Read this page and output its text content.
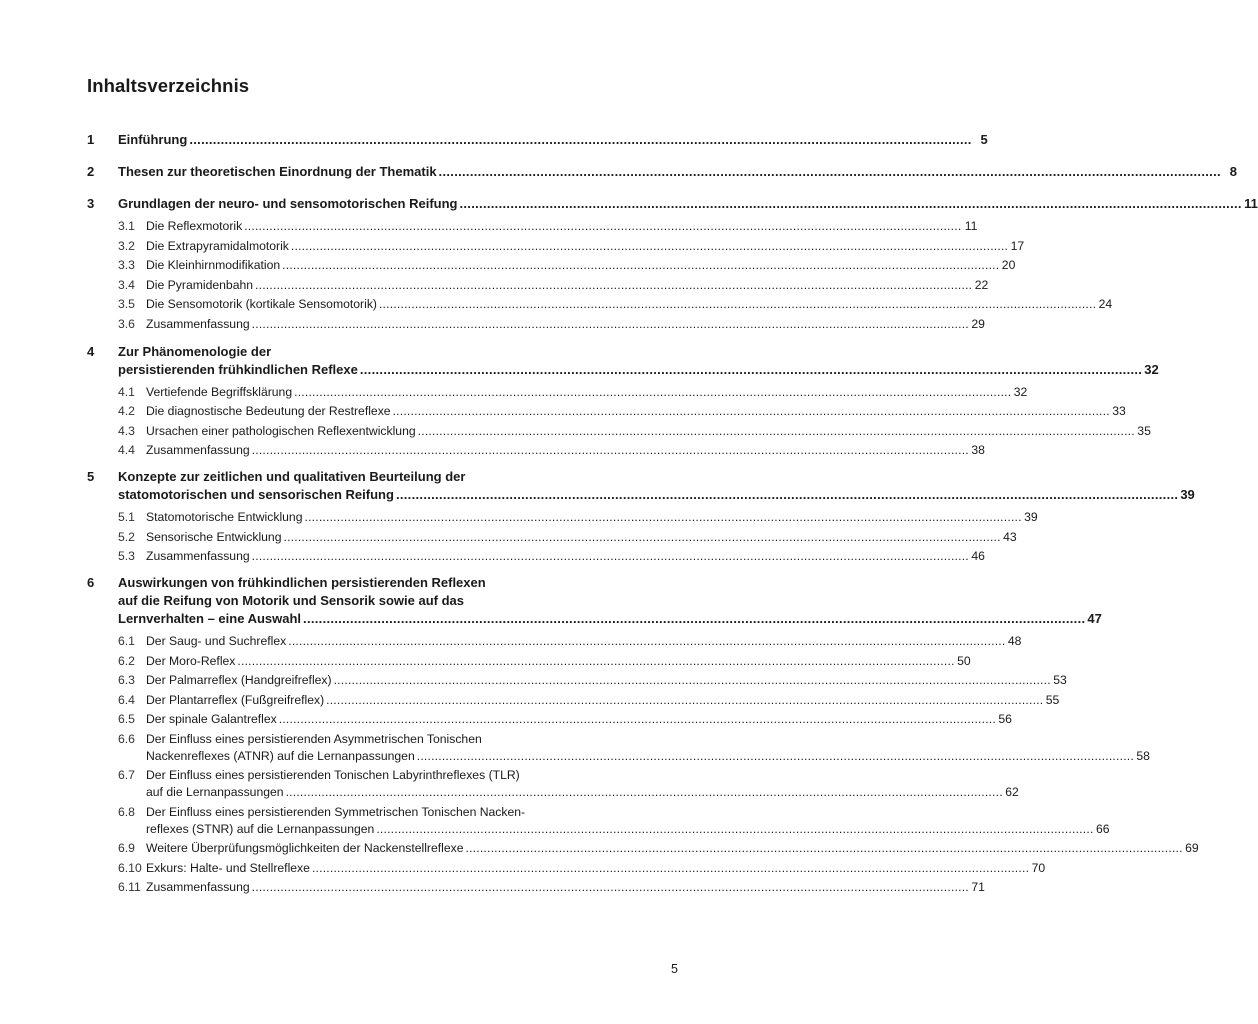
Inhaltsverzeichnis
1	Einführung .....	5
2	Thesen zur theoretischen Einordnung der Thematik .....	8
3	Grundlagen der neuro- und sensomotorischen Reifung .....	11
3.1 Die Reflexmotorik .....	11
3.2 Die Extrapyramidalmotorik .....	17
3.3 Die Kleinhirnmodifikation .....	20
3.4 Die Pyramidenbahn .....	22
3.5 Die Sensomotorik (kortikale Sensomotorik) .....	24
3.6 Zusammenfassung .....	29
4	Zur Phänomenologie der
persistierenden frühkindlichen Reflexe .....	32
4.1 Vertiefende Begriffsklärung .....	32
4.2 Die diagnostische Bedeutung der Restreflexe .....	33
4.3 Ursachen einer pathologischen Reflexentwicklung .....	35
4.4 Zusammenfassung .....	38
5	Konzepte zur zeitlichen und qualitativen Beurteilung der
statomotorischen und sensorischen Reifung .....	39
5.1 Statomotorische Entwicklung .....	39
5.2 Sensorische Entwicklung .....	43
5.3 Zusammenfassung .....	46
6	Auswirkungen von frühkindlichen persistierenden Reflexen
auf die Reifung von Motorik und Sensorik sowie auf das
Lernverhalten – eine Auswahl .....	47
6.1 Der Saug- und Suchreflex .....	48
6.2 Der Moro-Reflex .....	50
6.3 Der Palmarreflex (Handgreifreflex) .....	53
6.4 Der Plantarreflex (Fußgreifreflex) .....	55
6.5 Der spinale Galantreflex .....	56
6.6 Der Einfluss eines persistierenden Asymmetrischen Tonischen
Nackenreflexes (ATNR) auf die Lernanpassungen .....	58
6.7 Der Einfluss eines persistierenden Tonischen Labyrinthreflexes (TLR)
auf die Lernanpassungen .....	62
6.8 Der Einfluss eines persistierenden Symmetrischen Tonischen Nacken-
reflexes (STNR) auf die Lernanpassungen .....	66
6.9 Weitere Überprüfungsmöglichkeiten der Nackenstellreflexe .....	69
6.10 Exkurs: Halte- und Stellreflexe .....	70
6.11 Zusammenfassung .....	71
5
